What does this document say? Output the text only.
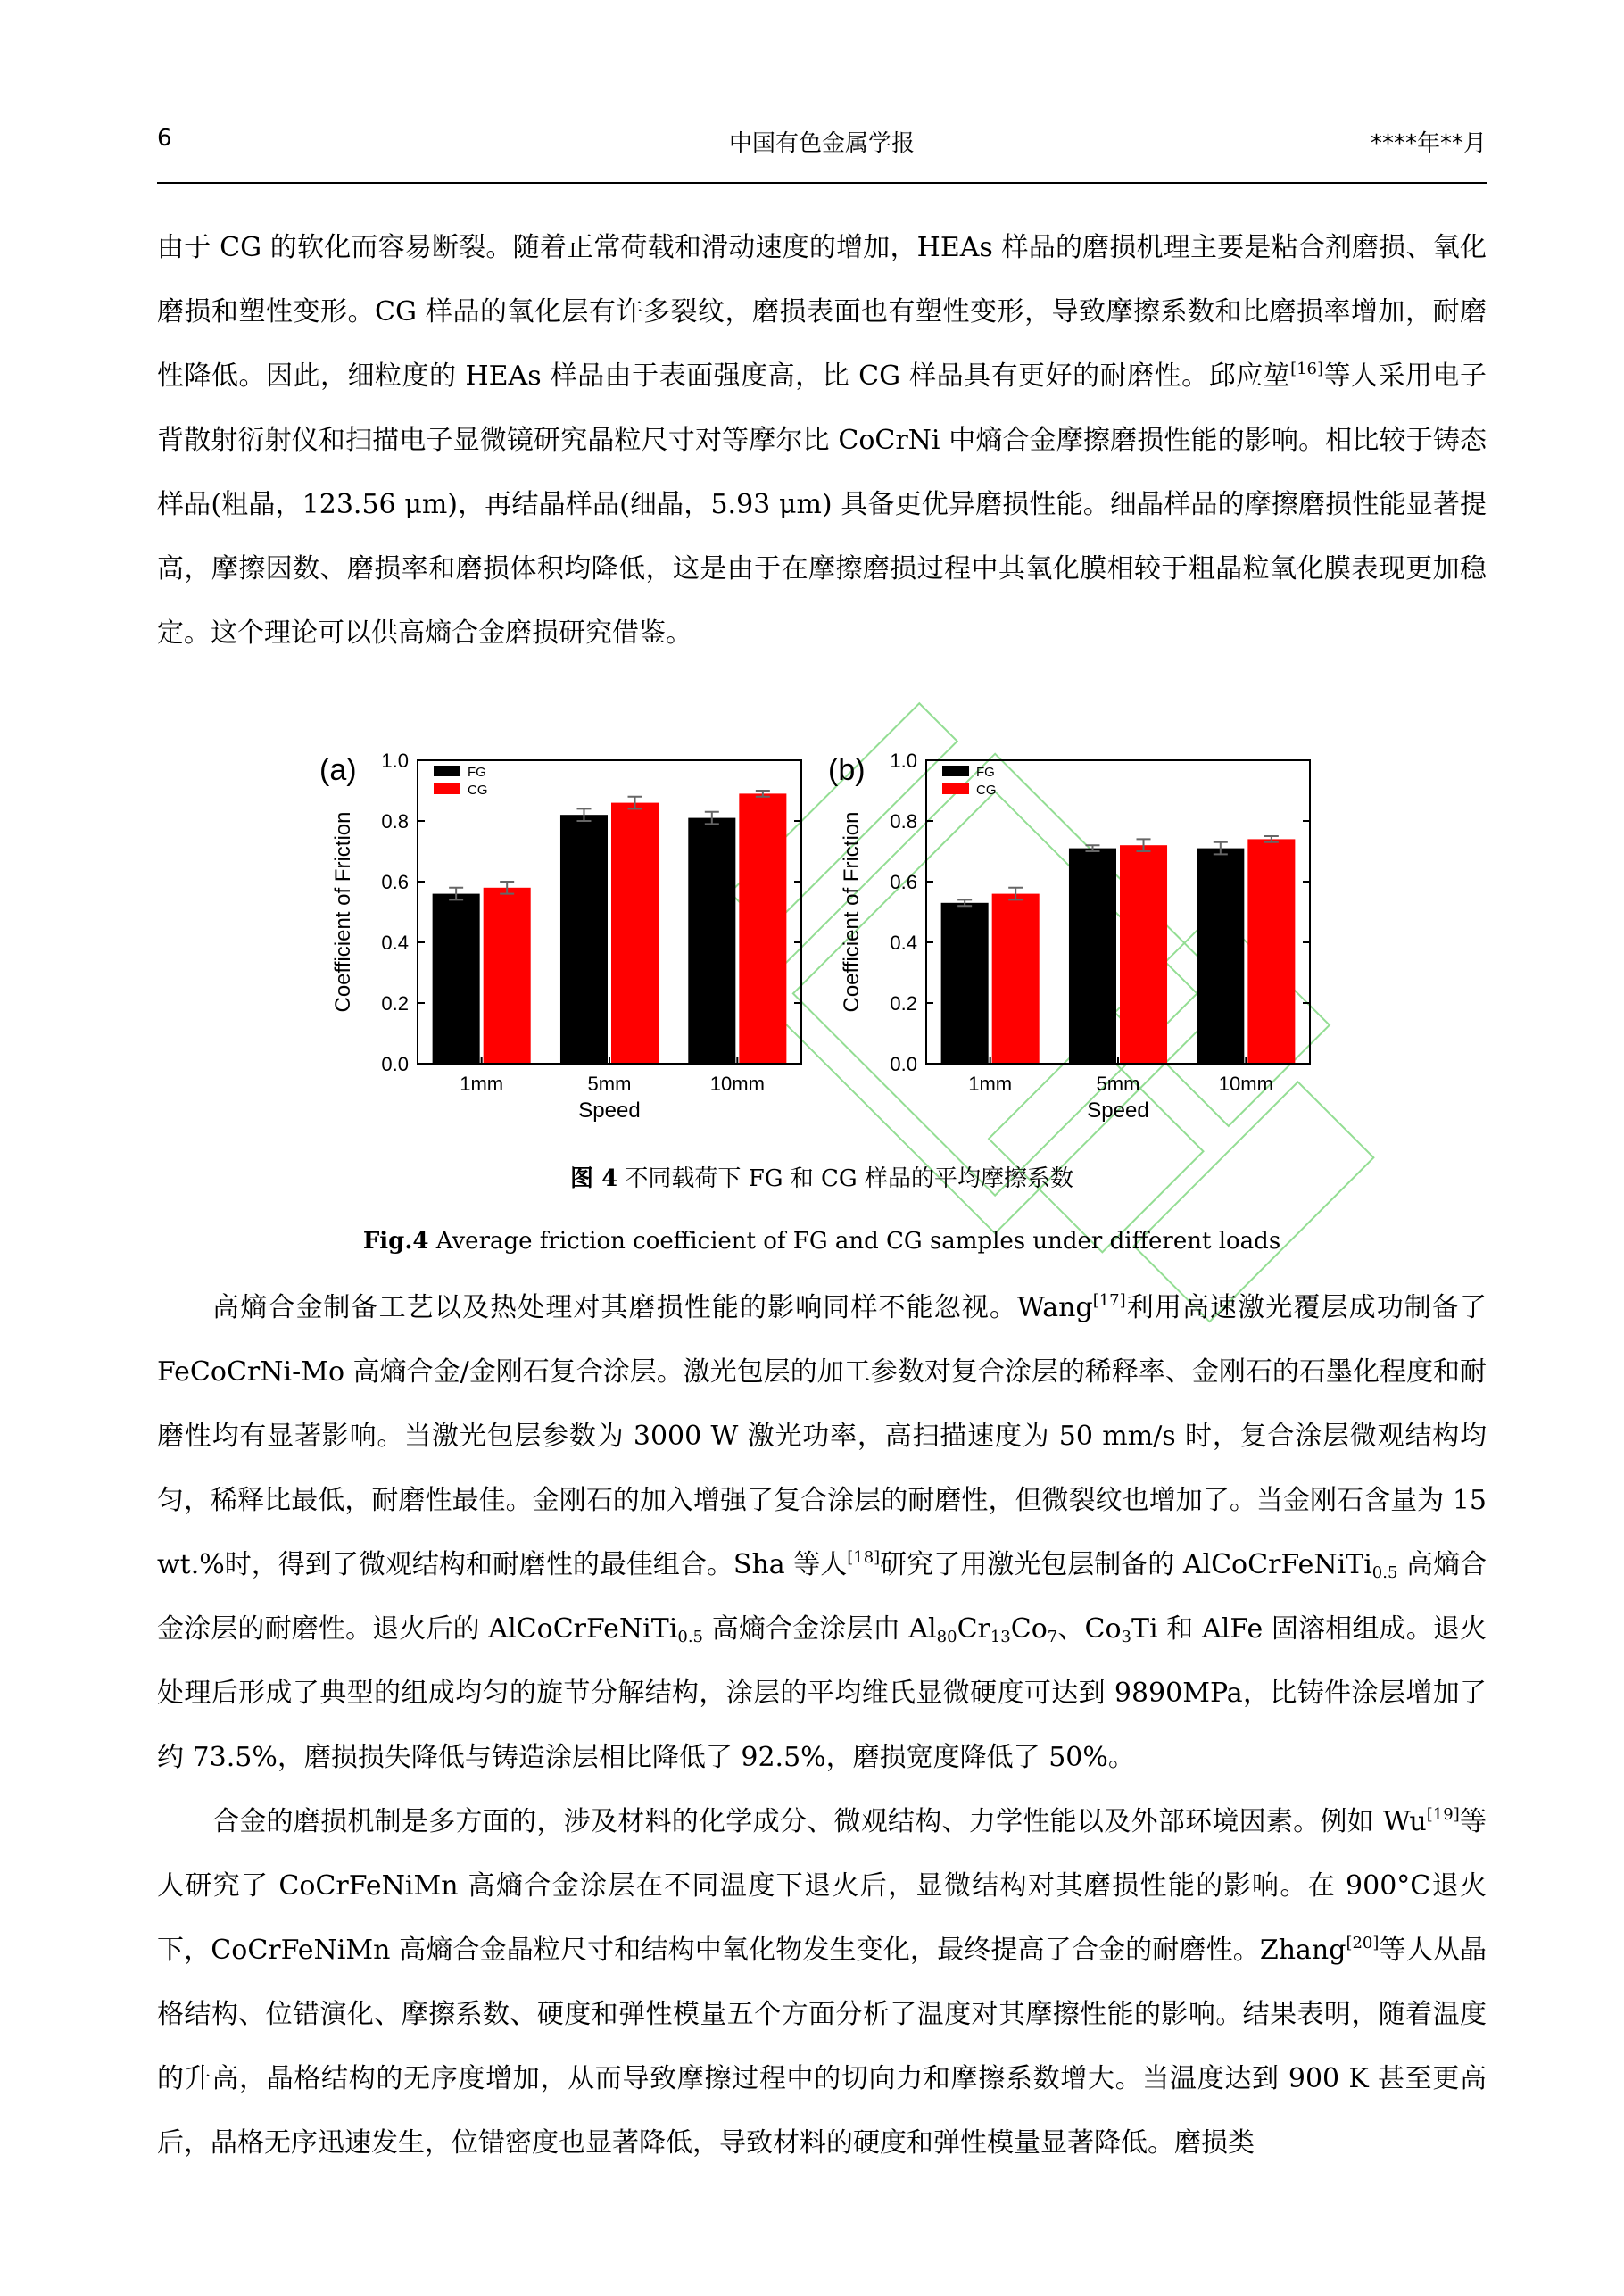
6	中国有色金属学报	****年**月

由于 CG 的软化而容易断裂。随着正常荷载和滑动速度的增加，HEAs 样品的磨损机理主要是粘合剂磨损、氧化磨损和塑性变形。CG 样品的氧化层有许多裂纹，磨损表面也有塑性变形，导致摩擦系数和比磨损率增加，耐磨性降低。因此，细粒度的 HEAs 样品由于表面强度高，比 CG 样品具有更好的耐磨性。邱应堃[16]等人采用电子背散射衍射仪和扫描电子显微镜研究晶粒尺寸对等摩尔比 CoCrNi 中熵合金摩擦磨损性能的影响。相比较于铸态样品(粗晶，123.56 μm)，再结晶样品(细晶，5.93 μm) 具备更优异磨损性能。细晶样品的摩擦磨损性能显著提高，摩擦因数、磨损率和磨损体积均降低，这是由于在摩擦磨损过程中其氧化膜相较于粗晶粒氧化膜表现更加稳定。这个理论可以供高熵合金磨损研究借鉴。

(a)
Coefficient of Friction
0.0
0.2
0.4
0.6
0.8
1.0
1mm	5mm	10mm
Speed
FG
CG
(b)
Coefficient of Friction
0.0
0.2
0.4
0.6
0.8
1.0
1mm	5mm	10mm
Speed
FG
CG
图 4 不同载荷下 FG 和 CG 样品的平均摩擦系数
Fig.4 Average friction coefficient of FG and CG samples under different loads

高熵合金制备工艺以及热处理对其磨损性能的影响同样不能忽视。Wang[17]利用高速激光覆层成功制备了 FeCoCrNi-Mo 高熵合金/金刚石复合涂层。激光包层的加工参数对复合涂层的稀释率、金刚石的石墨化程度和耐磨性均有显著影响。当激光包层参数为 3000 W 激光功率，高扫描速度为 50 mm/s 时，复合涂层微观结构均匀，稀释比最低，耐磨性最佳。金刚石的加入增强了复合涂层的耐磨性，但微裂纹也增加了。当金刚石含量为 15 wt.%时，得到了微观结构和耐磨性的最佳组合。Sha 等人[18]研究了用激光包层制备的 AlCoCrFeNiTi$_{0.5}$ 高熵合金涂层的耐磨性。退火后的 AlCoCrFeNiTi$_{0.5}$ 高熵合金涂层由 $Al_{80}Cr_{13}Co_7$、$Co_3Ti$ 和 AlFe 固溶相组成。退火处理后形成了典型的组成均匀的旋节分解结构，涂层的平均维氏显微硬度可达到 9890MPa，比铸件涂层增加了约 73.5%，磨损损失降低与铸造涂层相比降低了 92.5%，磨损宽度降低了 50%。

合金的磨损机制是多方面的，涉及材料的化学成分、微观结构、力学性能以及外部环境因素。例如 Wu[19]等人研究了 CoCrFeNiMn 高熵合金涂层在不同温度下退火后，显微结构对其磨损性能的影响。在 900°C退火下，CoCrFeNiMn 高熵合金晶粒尺寸和结构中氧化物发生变化，最终提高了合金的耐磨性。Zhang[20]等人从晶格结构、位错演化、摩擦系数、硬度和弹性模量五个方面分析了温度对其摩擦性能的影响。结果表明，随着温度的升高，晶格结构的无序度增加，从而导致摩擦过程中的切向力和摩擦系数增大。当温度达到 900 K 甚至更高后，晶格无序迅速发生，位错密度也显著降低，导致材料的硬度和弹性模量显著降低。磨损类
